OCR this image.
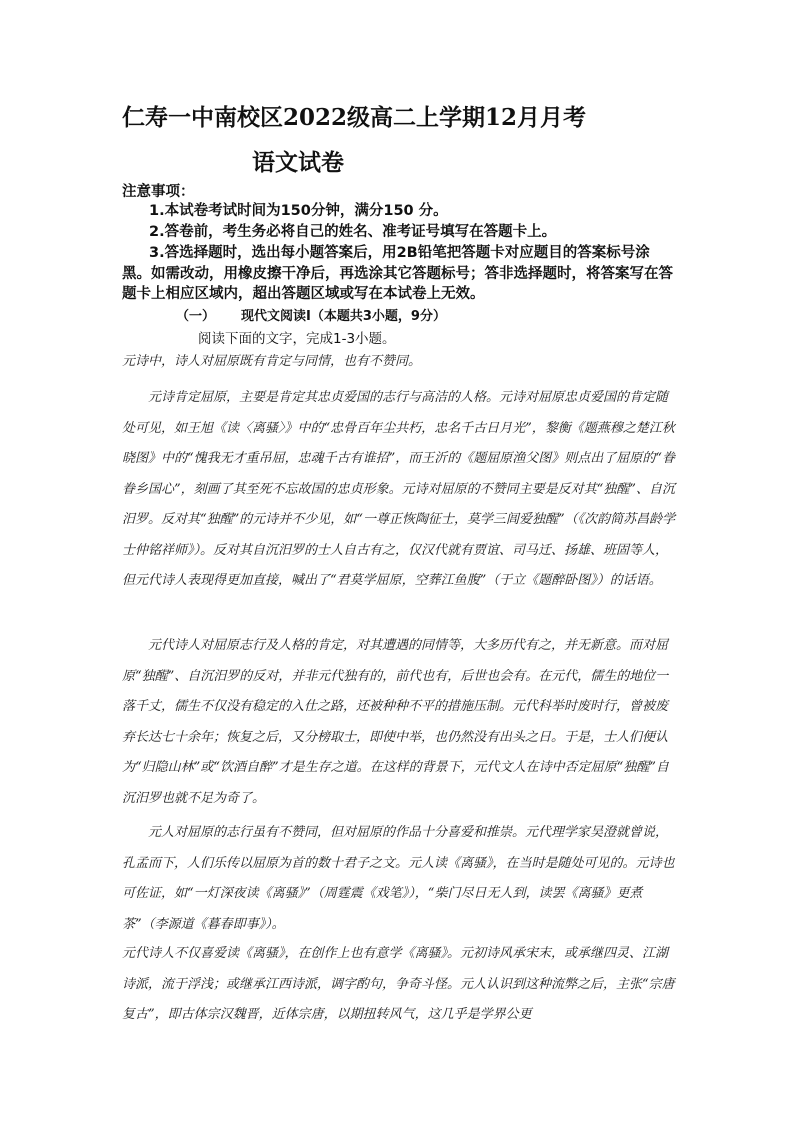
仁寿一中南校区2022级高二上学期12月月考
语文试卷
注意事项：
1.本试卷考试时间为150分钟，满分150 分。
2.答卷前，考生务必将自己的姓名、准考证号填写在答题卡上。
3.答选择题时，选出每小题答案后，用2B铅笔把答题卡对应题目的答案标号涂黑。如需改动，用橡皮擦干净后，再选涂其它答题标号；答非选择题时，将答案写在答题卡上相应区域内，超出答题区域或写在本试卷上无效。
（一） 现代文阅读Ⅰ（本题共3小题，9分）
阅读下面的文字，完成1-3小题。
元诗中，诗人对屈原既有肯定与同情，也有不赞同。
元诗肯定屈原，主要是肯定其忠贞爱国的志行与高洁的人格。元诗对屈原忠贞爱国的肯定随处可见，如王旭《读〈离骚〉》中的“忠骨百年尘共朽，忠名千古日月光”，黎衡《题燕穆之楚江秋晓图》中的“愧我无才重吊屈，忠魂千古有谁招”，而王沂的《题屈原渔父图》则点出了屈原的“眷眷乡国心”，刻画了其至死不忘故国的忠贞形象。元诗对屈原的不赞同主要是反对其“独醒”、自沉汨罗。反对其“独醒”的元诗并不少见，如“一尊正恢陶征士，莫学三闾爱独醒”（《次韵简苏昌龄学士仲铭祥师》）。反对其自沉汨罗的士人自古有之，仅汉代就有贾谊、司马迁、扬雄、班固等人，但元代诗人表现得更加直接，喊出了“君莫学屈原，空葬江鱼腹”（于立《题醉卧图》）的话语。
元代诗人对屈原志行及人格的肯定，对其遭遇的同情等，大多历代有之，并无新意。而对屈原“独醒”、自沉汨罗的反对，并非元代独有的，前代也有，后世也会有。在元代，儒生的地位一落千丈，儒生不仅没有稳定的入仕之路，还被种种不平的措施压制。元代科举时废时行，曾被废弃长达七十余年；恢复之后，又分榜取士，即使中举，也仍然没有出头之日。于是，士人们便认为“归隐山林”或“饮酒自醉”才是生存之道。在这样的背景下，元代文人在诗中否定屈原“独醒”自沉汨罗也就不足为奇了。
元人对屈原的志行虽有不赞同，但对屈原的作品十分喜爱和推崇。元代理学家吴澄就曾说，孔孟而下，人们乐传以屈原为首的数十君子之文。元人读《离骚》，在当时是随处可见的。元诗也可佐证，如“一灯深夜读《离骚》”（周霆震《戏笔》），“柴门尽日无人到，读罢《离骚》更煮茶”（李源道《暮春即事》）。
元代诗人不仅喜爱读《离骚》，在创作上也有意学《离骚》。元初诗风承宋末，或承继四灵、江湖诗派，流于浮浅；或继承江西诗派，调字酌句，争奇斗怪。元人认识到这种流弊之后，主张“宗唐复古”，即古体宗汉魏晋，近体宗唐，以期扭转风气，这几乎是学界公更
